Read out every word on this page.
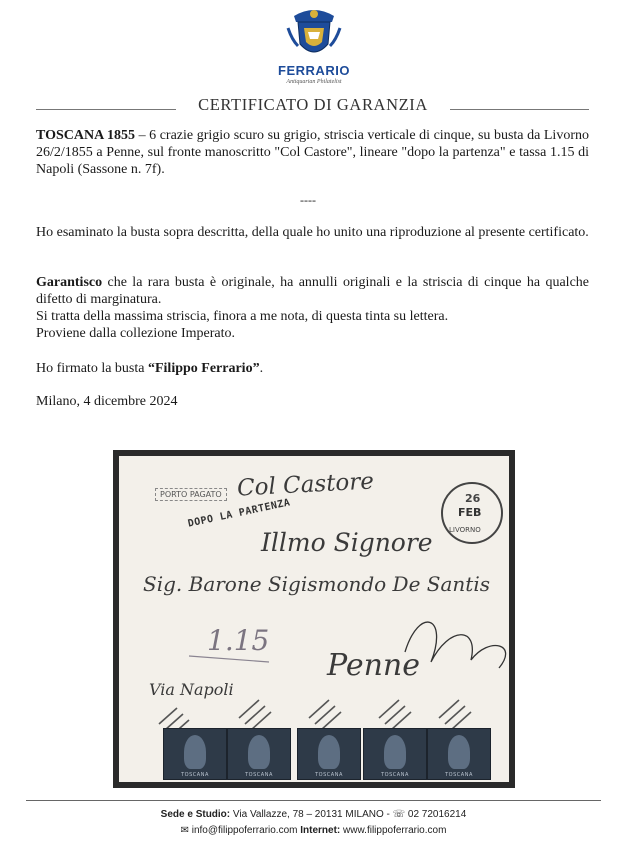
FERRARIO
Antiquarian Philatelist
CERTIFICATO DI GARANZIA
TOSCANA 1855 – 6 crazie grigio scuro su grigio, striscia verticale di cinque, su busta da Livorno 26/2/1855 a Penne, sul fronte manoscritto "Col Castore", lineare "dopo la partenza" e tassa 1.15 di Napoli (Sassone n. 7f).
----
Ho esaminato la busta sopra descritta, della quale ho unito una riproduzione al presente certificato.
Garantisco che la rara busta è originale, ha annulli originali e la striscia di cinque ha qualche difetto di marginatura.
Si tratta della massima striscia, finora a me nota, di questa tinta su lettera.
Proviene dalla collezione Imperato.
Ho firmato la busta “Filippo Ferrario”.
Milano, 4 dicembre 2024
Col Castore
PORTO PAGATO
DOPO LA PARTENZA	26
FEB
LIVORNO
Illmo Signore
Sig. Barone Sigismondo De Santis
1.15
Penne
Via Napoli
TOSCANA	TOSCANA	TOSCANA	TOSCANA	TOSCANA
Sede e Studio: Via Vallazze, 78 – 20131 MILANO - ☏ 02 72016214
✉ info@filippoferrario.com Internet: www.filippoferrario.com
